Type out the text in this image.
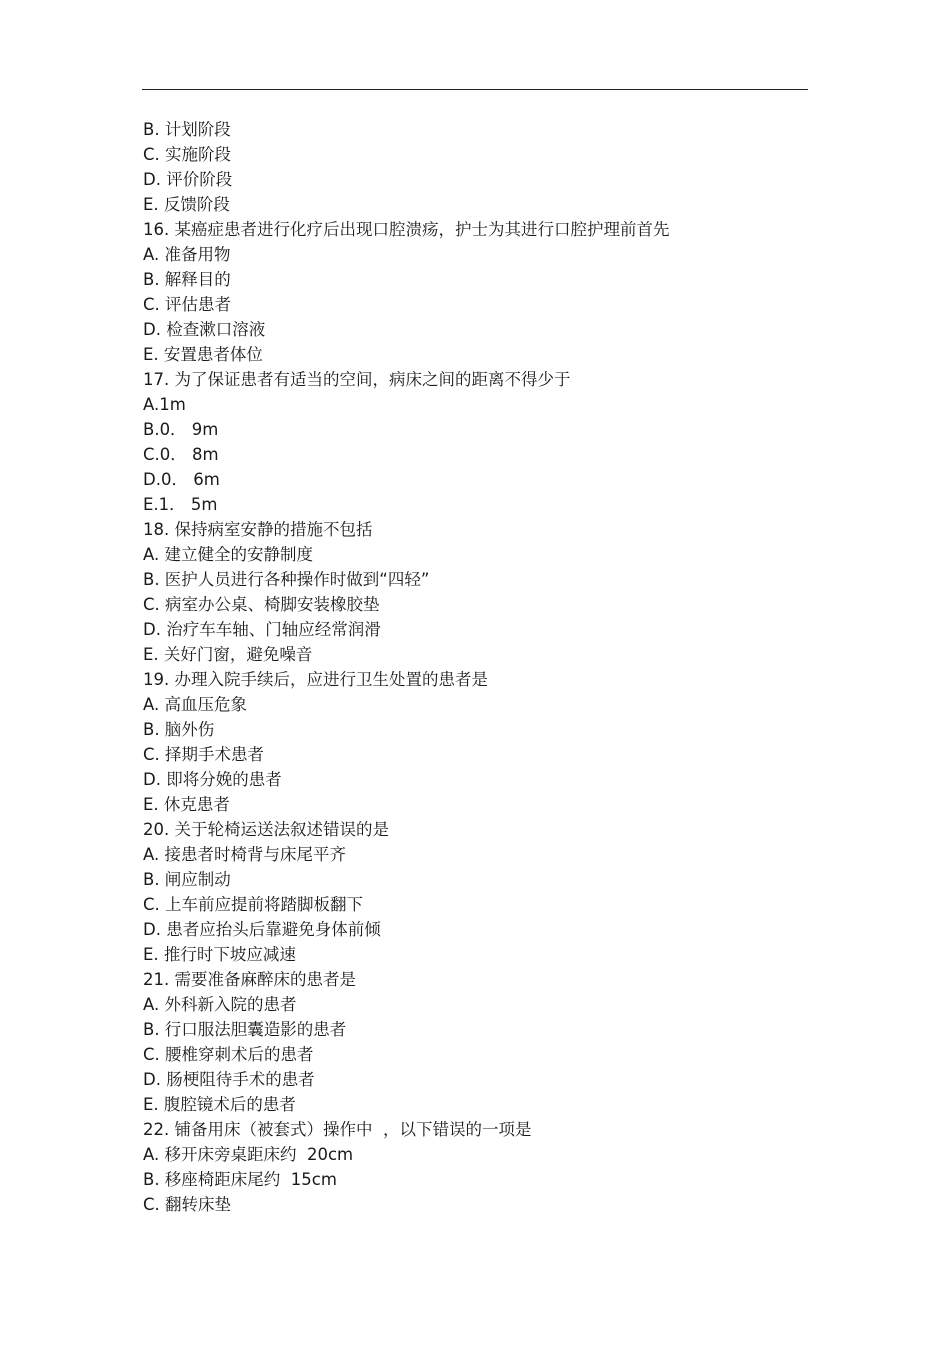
B. 计划阶段
C. 实施阶段
D. 评价阶段
E. 反馈阶段
16. 某癌症患者进行化疗后出现口腔溃疡，护士为其进行口腔护理前首先
A. 准备用物
B. 解释目的
C. 评估患者
D. 检查漱口溶液
E. 安置患者体位
17. 为了保证患者有适当的空间，病床之间的距离不得少于
A.1m
B.0． 9m
C.0． 8m
D.0． 6m
E.1． 5m
18. 保持病室安静的措施不包括
A. 建立健全的安静制度
B. 医护人员进行各种操作时做到“四轻”
C. 病室办公桌、椅脚安装橡胶垫
D. 治疗车车轴、门轴应经常润滑
E. 关好门窗，避免噪音
19. 办理入院手续后，应进行卫生处置的患者是
A. 高血压危象
B. 脑外伤
C. 择期手术患者
D. 即将分娩的患者
E. 休克患者
20. 关于轮椅运送法叙述错误的是
A. 接患者时椅背与床尾平齐
B. 闸应制动
C. 上车前应提前将踏脚板翻下
D. 患者应抬头后靠避免身体前倾
E. 推行时下坡应减速
21. 需要准备麻醉床的患者是
A. 外科新入院的患者
B. 行口服法胆囊造影的患者
C. 腰椎穿刺术后的患者
D. 肠梗阻待手术的患者
E. 腹腔镜术后的患者
22. 铺备用床（被套式）操作中  ，以下错误的一项是
A. 移开床旁桌距床约  20cm
B. 移座椅距床尾约  15cm
C. 翻转床垫
